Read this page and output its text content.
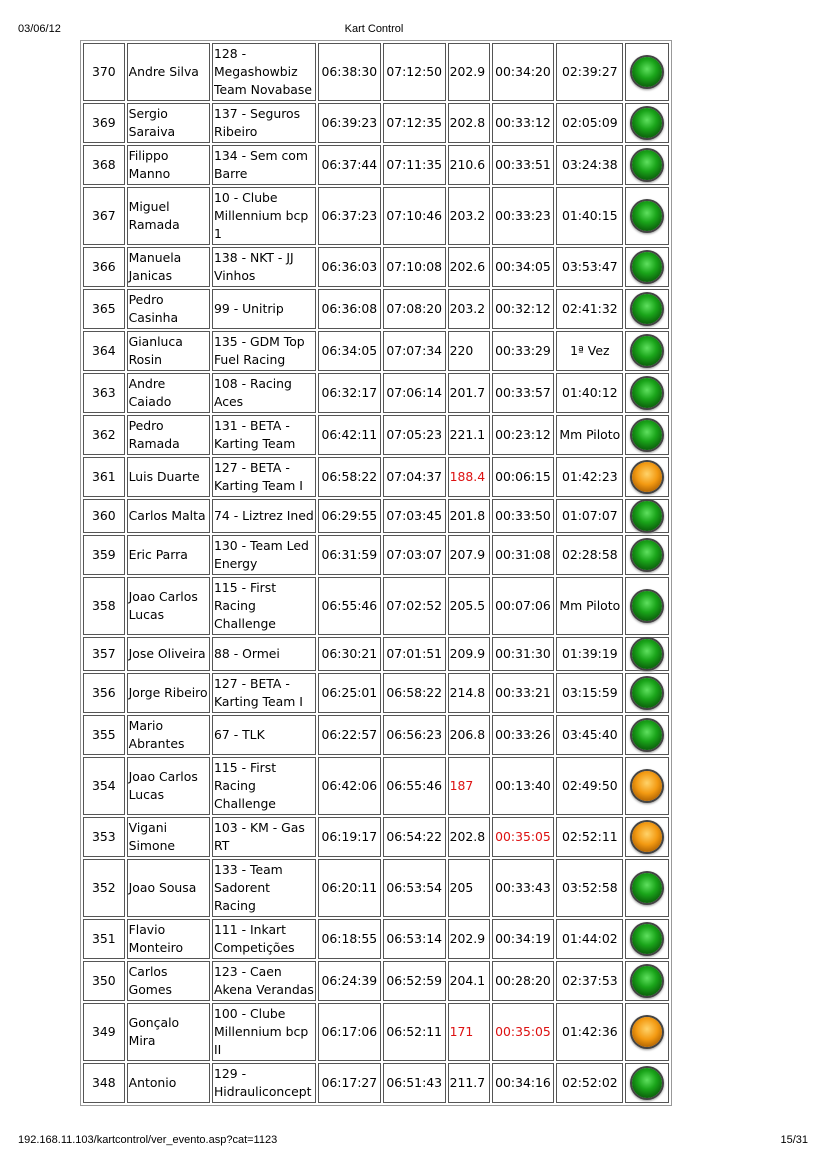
03/06/12	Kart Control
370	Andre Silva	128 - Megashowbiz Team Novabase	06:38:30	07:12:50	202.9	00:34:20	02:39:27	
369	Sergio Saraiva	137 - Seguros Ribeiro	06:39:23	07:12:35	202.8	00:33:12	02:05:09	
368	Filippo Manno	134 - Sem com Barre	06:37:44	07:11:35	210.6	00:33:51	03:24:38	
367	Miguel Ramada	10 - Clube Millennium bcp 1	06:37:23	07:10:46	203.2	00:33:23	01:40:15	
366	Manuela Janicas	138 - NKT - JJ Vinhos	06:36:03	07:10:08	202.6	00:34:05	03:53:47	
365	Pedro Casinha	99 - Unitrip	06:36:08	07:08:20	203.2	00:32:12	02:41:32	
364	Gianluca Rosin	135 - GDM Top Fuel Racing	06:34:05	07:07:34	220	00:33:29	1ª Vez	
363	Andre Caiado	108 - Racing Aces	06:32:17	07:06:14	201.7	00:33:57	01:40:12	
362	Pedro Ramada	131 - BETA - Karting Team	06:42:11	07:05:23	221.1	00:23:12	Mm Piloto	
361	Luis Duarte	127 - BETA - Karting Team I	06:58:22	07:04:37	188.4	00:06:15	01:42:23	
360	Carlos Malta	74 - Liztrez Ined	06:29:55	07:03:45	201.8	00:33:50	01:07:07	
359	Eric Parra	130 - Team Led Energy	06:31:59	07:03:07	207.9	00:31:08	02:28:58	
358	Joao Carlos Lucas	115 - First Racing Challenge	06:55:46	07:02:52	205.5	00:07:06	Mm Piloto	
357	Jose Oliveira	88 - Ormei	06:30:21	07:01:51	209.9	00:31:30	01:39:19	
356	Jorge Ribeiro	127 - BETA - Karting Team I	06:25:01	06:58:22	214.8	00:33:21	03:15:59	
355	Mario Abrantes	67 - TLK	06:22:57	06:56:23	206.8	00:33:26	03:45:40	
354	Joao Carlos Lucas	115 - First Racing Challenge	06:42:06	06:55:46	187	00:13:40	02:49:50	
353	Vigani Simone	103 - KM - Gas RT	06:19:17	06:54:22	202.8	00:35:05	02:52:11	
352	Joao Sousa	133 - Team Sadorent Racing	06:20:11	06:53:54	205	00:33:43	03:52:58	
351	Flavio Monteiro	111 - Inkart Competições	06:18:55	06:53:14	202.9	00:34:19	01:44:02	
350	Carlos Gomes	123 - Caen Akena Verandas	06:24:39	06:52:59	204.1	00:28:20	02:37:53	
349	Gonçalo Mira	100 - Clube Millennium bcp II	06:17:06	06:52:11	171	00:35:05	01:42:36	
348	Antonio	129 - Hidrauliconcept	06:17:27	06:51:43	211.7	00:34:16	02:52:02	
192.168.11.103/kartcontrol/ver_evento.asp?cat=1123	15/31
